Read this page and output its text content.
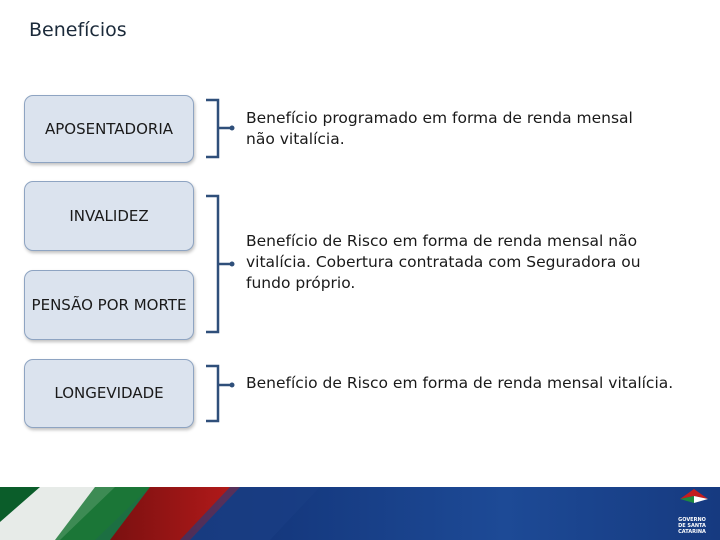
Benefícios
APOSENTADORIA
INVALIDEZ
PENSÃO POR MORTE
LONGEVIDADE
Benefício programado em forma de renda mensal não vitalícia.
Benefício de Risco em forma de renda mensal não vitalícia. Cobertura contratada com Seguradora ou fundo próprio.
Benefício de Risco em forma de renda mensal vitalícia.
GOVERNO
DE SANTA
CATARINA
